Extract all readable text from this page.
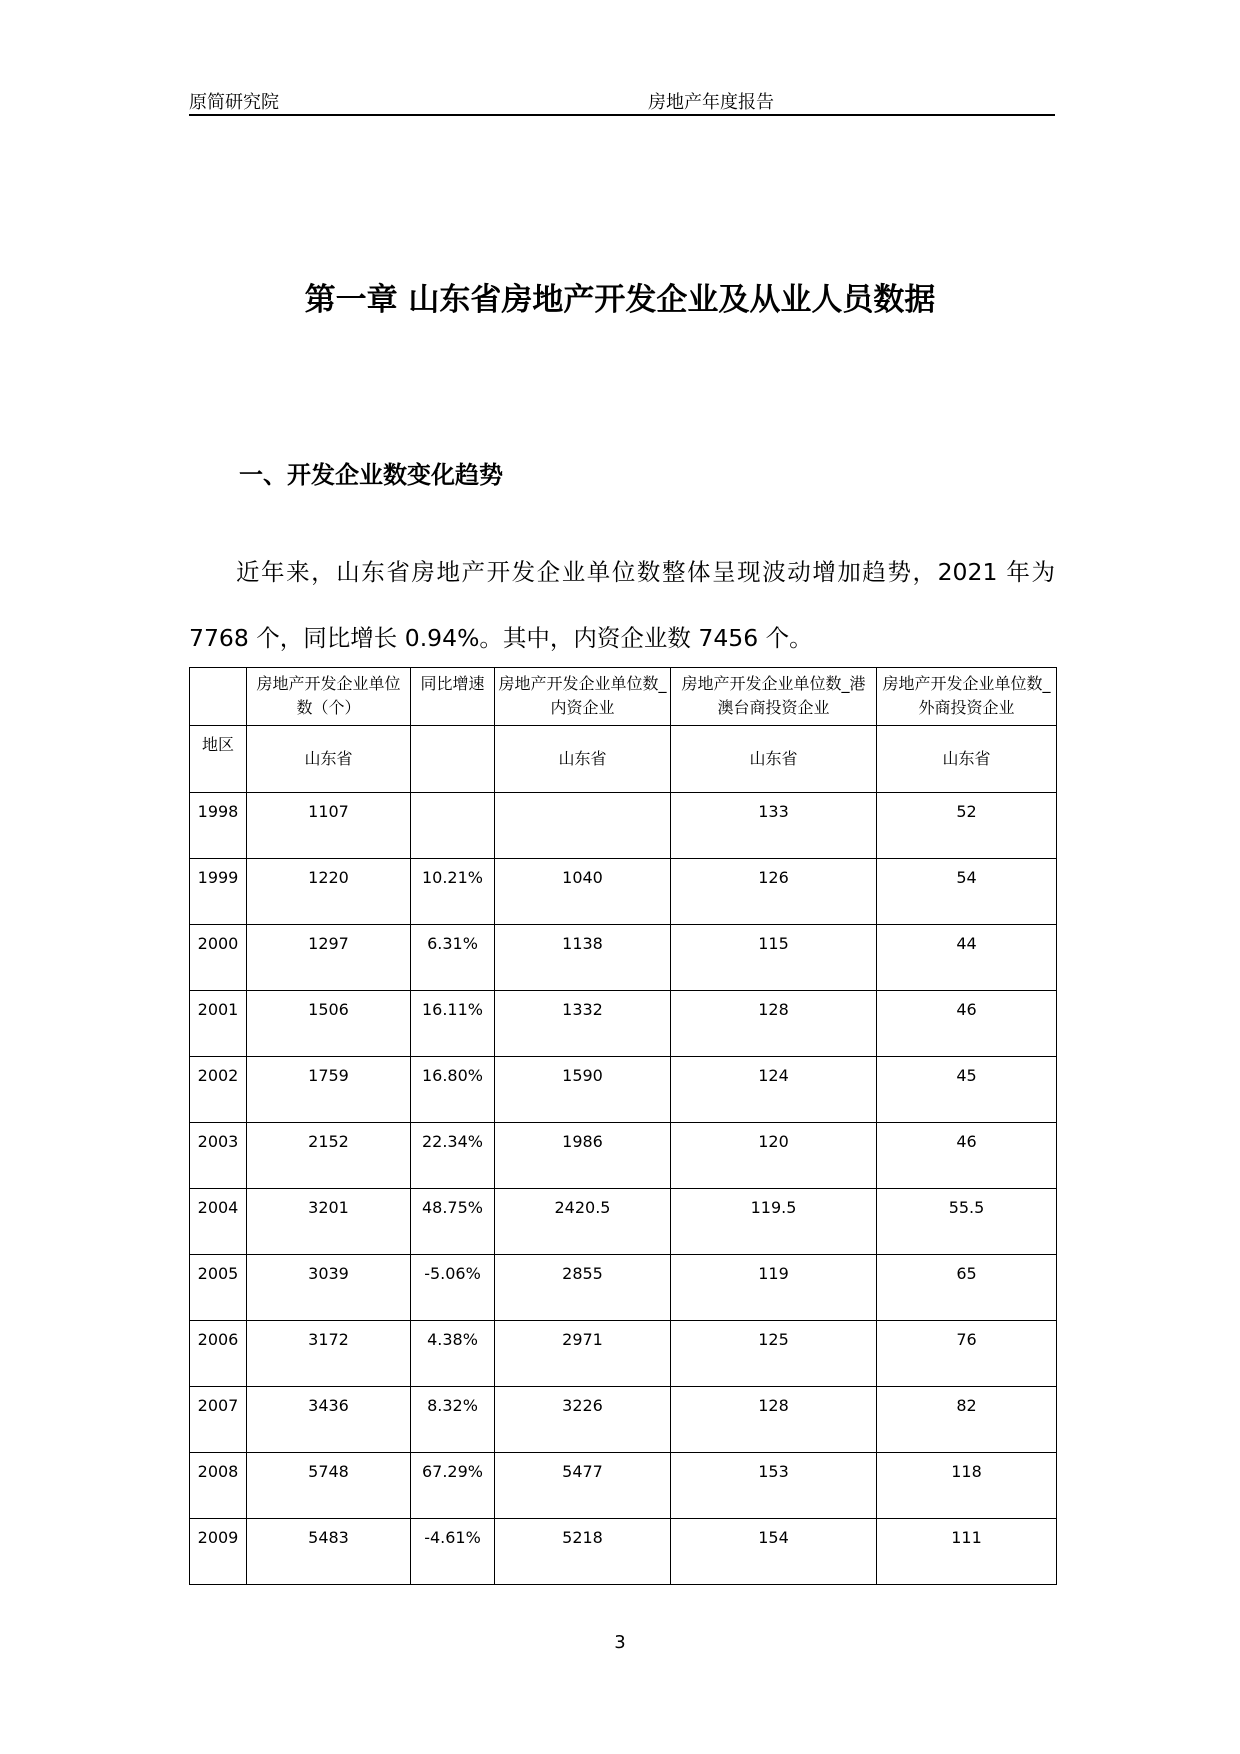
原简研究院	房地产年度报告
第一章 山东省房地产开发企业及从业人员数据
一、开发企业数变化趋势
近年来，山东省房地产开发企业单位数整体呈现波动增加趋势，2021 年为 7768 个，同比增长 0.94%。其中，内资企业数 7456 个。
	房地产开发企业单位数（个）	同比增速	房地产开发企业单位数_内资企业	房地产开发企业单位数_港澳台商投资企业	房地产开发企业单位数_外商投资企业
地区	山东省		山东省	山东省	山东省
1998	1107			133	52
1999	1220	10.21%	1040	126	54
2000	1297	6.31%	1138	115	44
2001	1506	16.11%	1332	128	46
2002	1759	16.80%	1590	124	45
2003	2152	22.34%	1986	120	46
2004	3201	48.75%	2420.5	119.5	55.5
2005	3039	-5.06%	2855	119	65
2006	3172	4.38%	2971	125	76
2007	3436	8.32%	3226	128	82
2008	5748	67.29%	5477	153	118
2009	5483	-4.61%	5218	154	111
3
